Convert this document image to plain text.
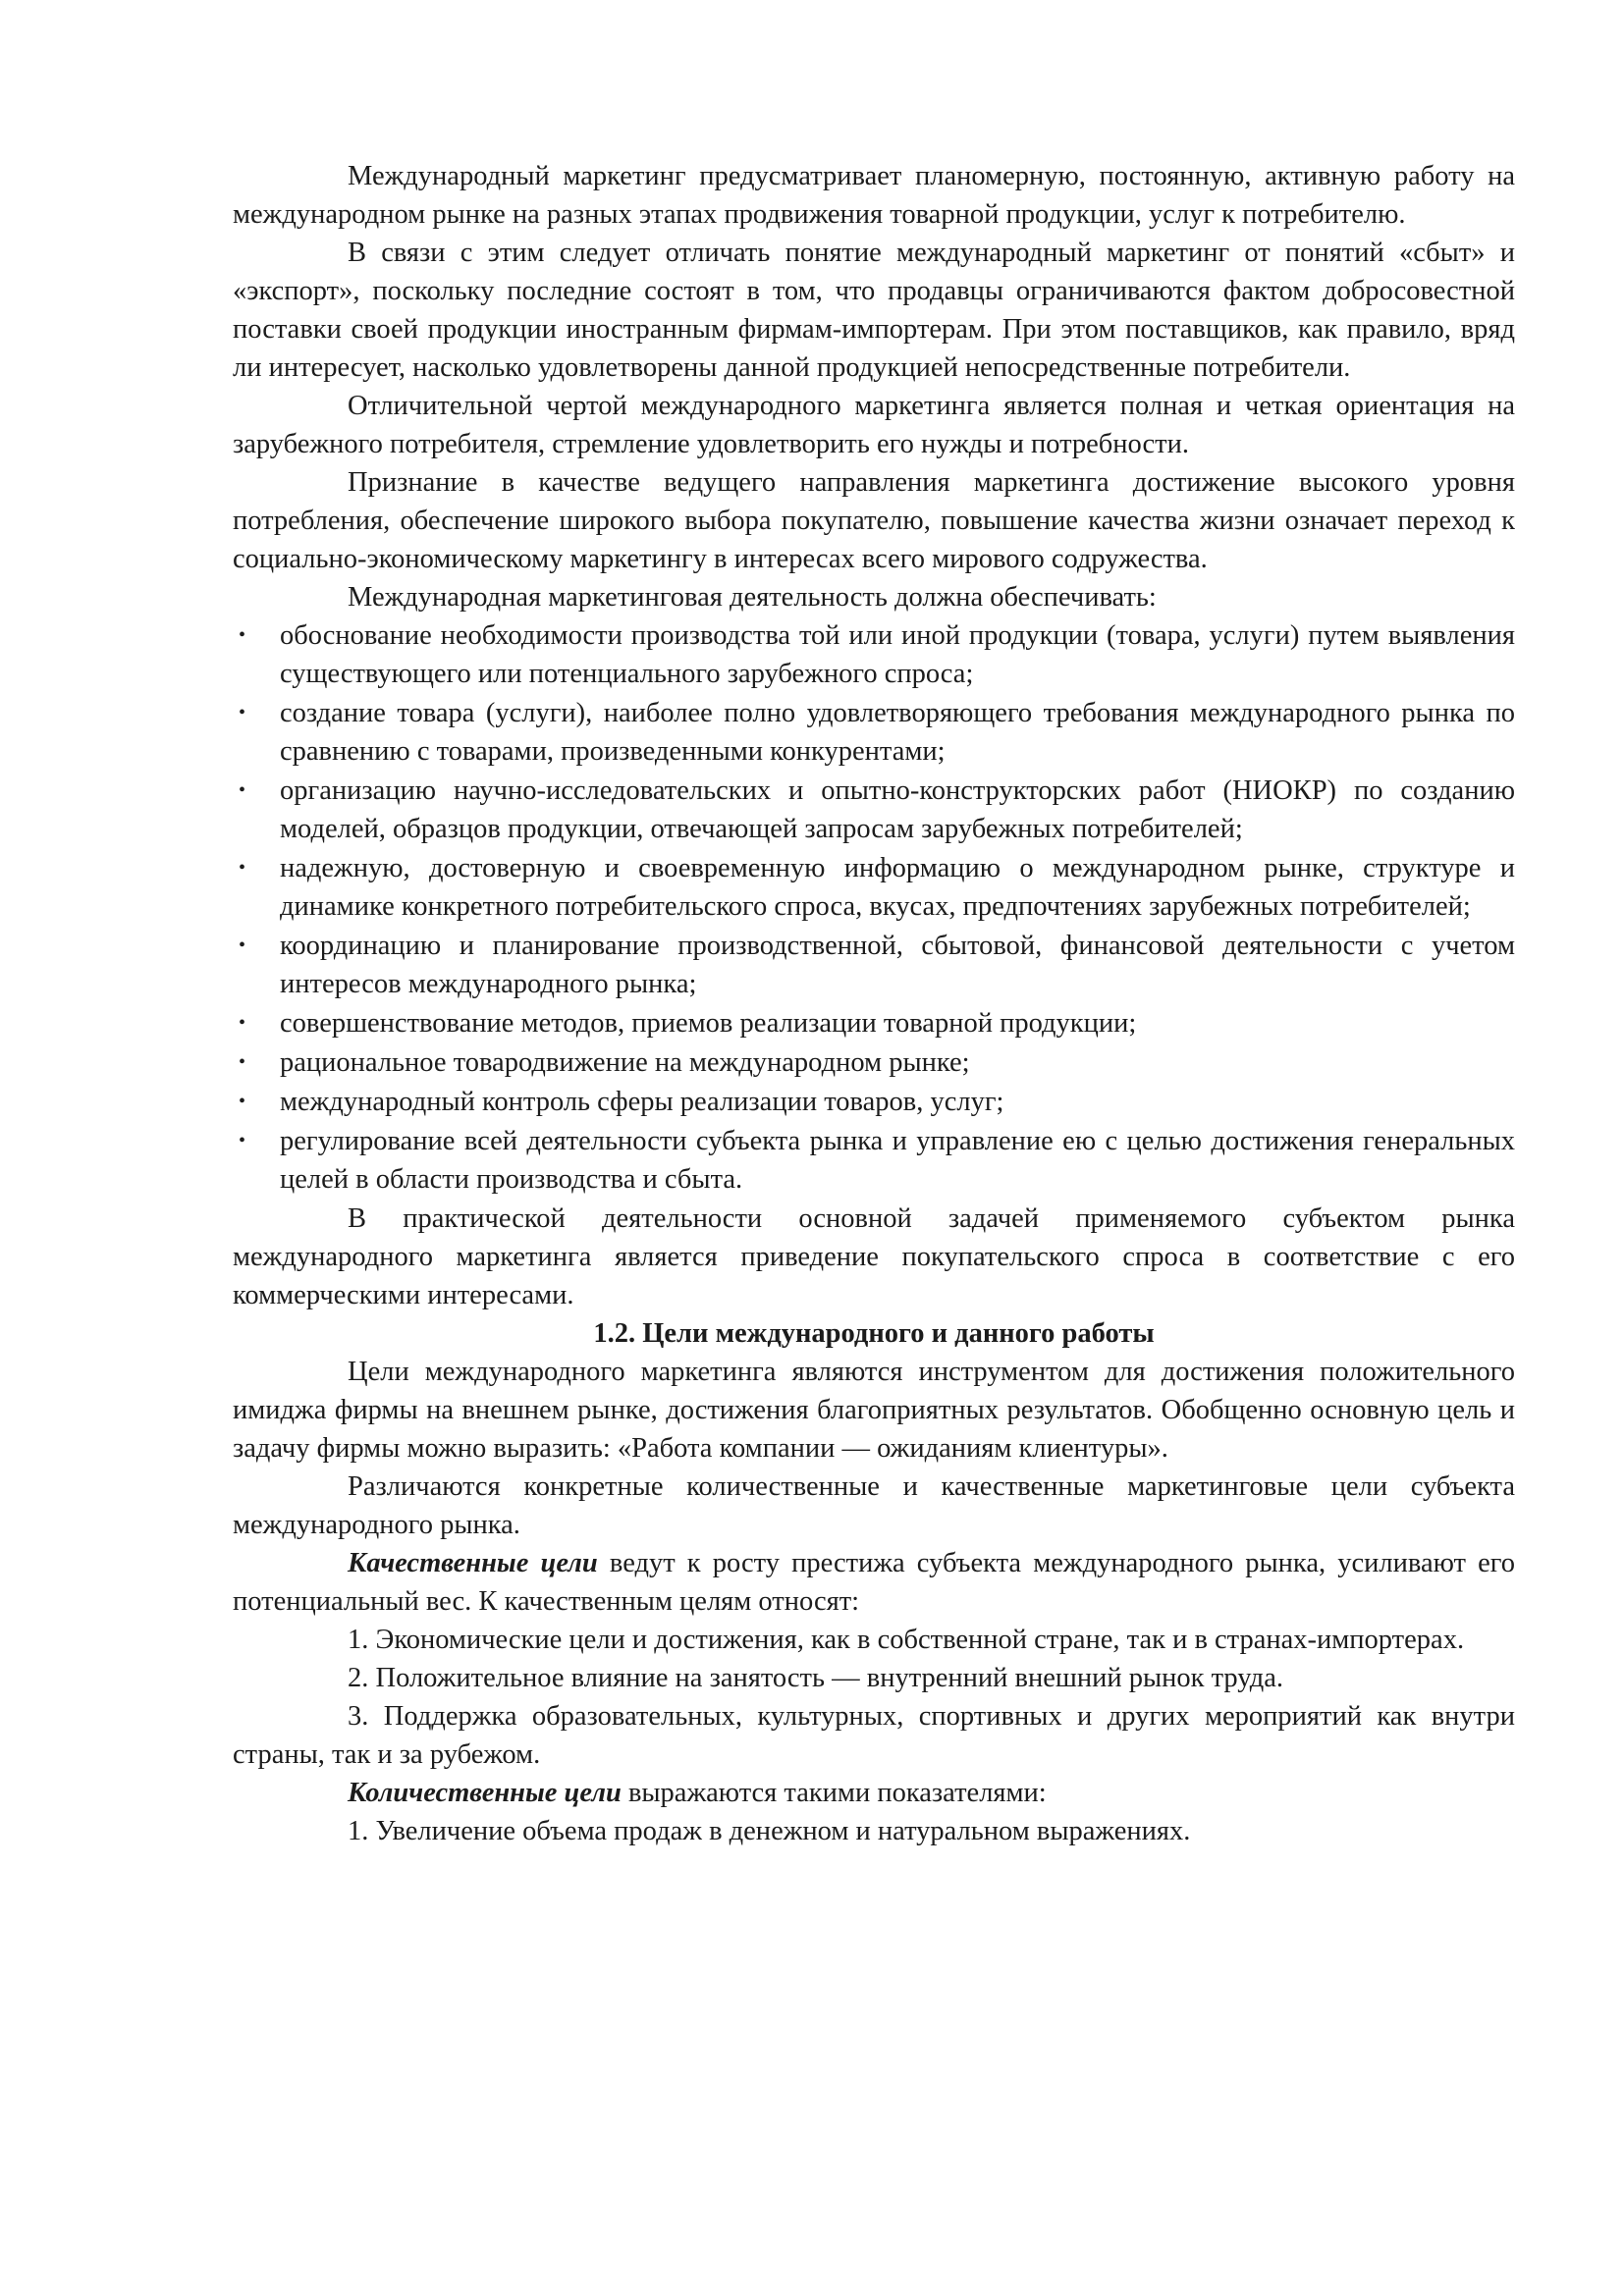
Международный маркетинг предусматривает планомерную, постоянную, активную работу на международном рынке на разных этапах продвижения товарной продукции, услуг к потребителю.

В связи с этим следует отличать понятие международный маркетинг от понятий «сбыт» и «экспорт», поскольку последние состоят в том, что продавцы ограничиваются фактом добросовестной поставки своей продукции иностранным фирмам-импортерам. При этом поставщиков, как правило, вряд ли интересует, насколько удовлетворены данной продукцией непосредственные потребители.

Отличительной чертой международного маркетинга является полная и четкая ориентация на зарубежного потребителя, стремление удовлетворить его нужды и потребности.

Признание в качестве ведущего направления маркетинга достижение высокого уровня потребления, обеспечение широкого выбора покупателю, повышение качества жизни означает переход к социально-экономическому маркетингу в интересах всего мирового содружества.

Международная маркетинговая деятельность должна обеспечивать:

• обоснование необходимости производства той или иной продукции (товара, услуги) путем выявления существующего или потенциального зарубежного спроса;
• создание товара (услуги), наиболее полно удовлетворяющего требования международного рынка по сравнению с товарами, произведенными конкурентами;
• организацию научно-исследовательских и опытно-конструкторских работ (НИОКР) по созданию моделей, образцов продукции, отвечающей запросам зарубежных потребителей;
• надежную, достоверную и своевременную информацию о международном рынке, структуре и динамике конкретного потребительского спроса, вкусах, предпочтениях зарубежных потребителей;
• координацию и планирование производственной, сбытовой, финансовой деятельности с учетом интересов международного рынка;
• совершенствование методов, приемов реализации товарной продукции;
• рациональное товародвижение на международном рынке;
• международный контроль сферы реализации товаров, услуг;
• регулирование всей деятельности субъекта рынка и управление ею с целью достижения генеральных целей в области производства и сбыта.

В практической деятельности основной задачей применяемого субъектом рынка международного маркетинга является приведение покупательского спроса в соответствие с его коммерческими интересами.

1.2. Цели международного и данного работы

Цели международного маркетинга являются инструментом для достижения положительного имиджа фирмы на внешнем рынке, достижения благоприятных результатов. Обобщенно основную цель и задачу фирмы можно выразить: «Работа компании — ожиданиям клиентуры».

Различаются конкретные количественные и качественные маркетинговые цели субъекта международного рынка.

Качественные цели ведут к росту престижа субъекта международного рынка, усиливают его потенциальный вес. К качественным целям относят:

1. Экономические цели и достижения, как в собственной стране, так и в странах-импортерах.

2. Положительное влияние на занятость — внутренний внешний рынок труда.

3. Поддержка образовательных, культурных, спортивных и других мероприятий как внутри страны, так и за рубежом.

Количественные цели выражаются такими показателями:

1. Увеличение объема продаж в денежном и натуральном выражениях.
